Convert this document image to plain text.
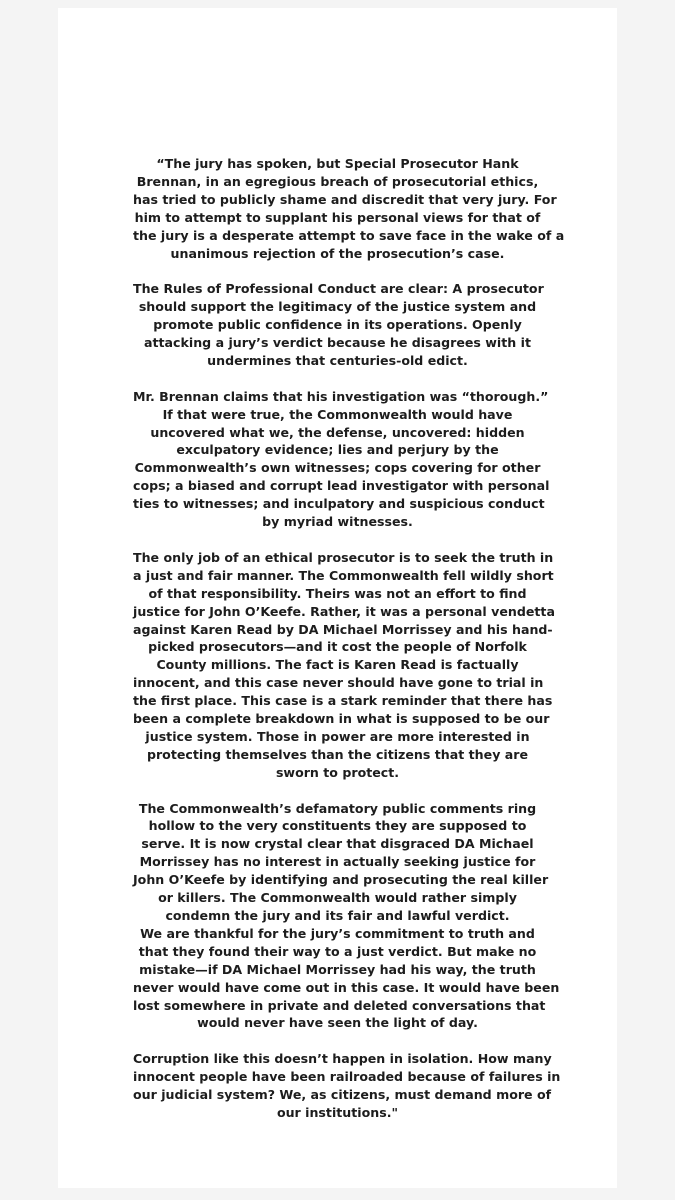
“The jury has spoken, but Special Prosecutor Hank
Brennan, in an egregious breach of prosecutorial ethics,
has tried to publicly shame and discredit that very jury. For
him to attempt to supplant his personal views for that of
the jury is a desperate attempt to save face in the wake of a
unanimous rejection of the prosecution’s case.
The Rules of Professional Conduct are clear: A prosecutor
should support the legitimacy of the justice system and
promote public confidence in its operations. Openly
attacking a jury’s verdict because he disagrees with it
undermines that centuries-old edict.
Mr. Brennan claims that his investigation was “thorough.”
If that were true, the Commonwealth would have
uncovered what we, the defense, uncovered: hidden
exculpatory evidence; lies and perjury by the
Commonwealth’s own witnesses; cops covering for other
cops; a biased and corrupt lead investigator with personal
ties to witnesses; and inculpatory and suspicious conduct
by myriad witnesses.
The only job of an ethical prosecutor is to seek the truth in
a just and fair manner. The Commonwealth fell wildly short
of that responsibility. Theirs was not an effort to find
justice for John O’Keefe. Rather, it was a personal vendetta
against Karen Read by DA Michael Morrissey and his hand-
picked prosecutors—and it cost the people of Norfolk
County millions. The fact is Karen Read is factually
innocent, and this case never should have gone to trial in
the first place. This case is a stark reminder that there has
been a complete breakdown in what is supposed to be our
justice system. Those in power are more interested in
protecting themselves than the citizens that they are
sworn to protect.
The Commonwealth’s defamatory public comments ring
hollow to the very constituents they are supposed to
serve. It is now crystal clear that disgraced DA Michael
Morrissey has no interest in actually seeking justice for
John O’Keefe by identifying and prosecuting the real killer
or killers. The Commonwealth would rather simply
condemn the jury and its fair and lawful verdict.
We are thankful for the jury’s commitment to truth and
that they found their way to a just verdict. But make no
mistake—if DA Michael Morrissey had his way, the truth
never would have come out in this case. It would have been
lost somewhere in private and deleted conversations that
would never have seen the light of day.
Corruption like this doesn’t happen in isolation. How many
innocent people have been railroaded because of failures in
our judicial system? We, as citizens, must demand more of
our institutions."
